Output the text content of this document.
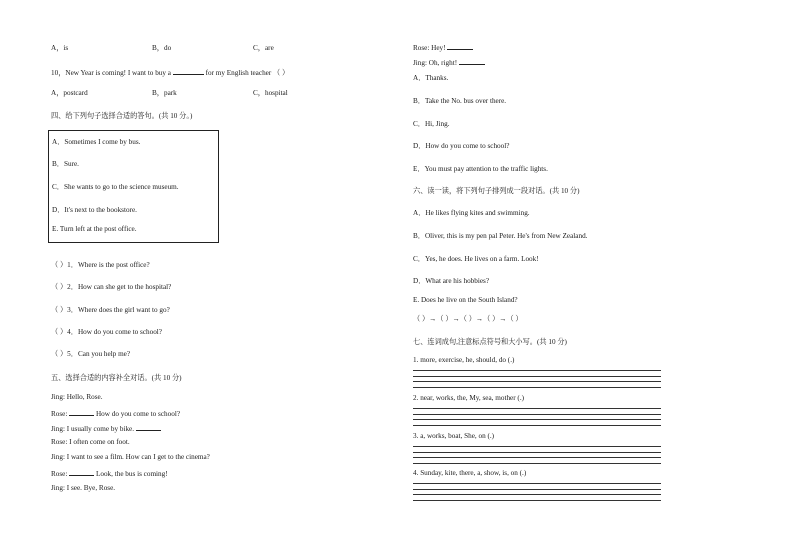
A，is	B，do	C，are
10，New Year is coming! I want to buy a	for my English teacher （ ）
A，postcard	B，park	C，hospital
四、给下列句子选择合适的答句。(共 10 分。)
A．Sometimes I come by bus.
B．Sure.
C．She wants to go to the science museum.
D．It's next to the bookstore.
E. Turn left at the post office.
（ ）1．Where is the post office?
（ ）2．How can she get to the hospital?
（ ）3．Where does the girl want to go?
（ ）4．How do you come to school?
（ ）5．Can you help me?
五、选择合适的内容补全对话。(共 10 分)
Jing: Hello, Rose.
Rose:	How do you come to school?
Jing: I usually come by bike.
Rose: I often come on foot.
Jing: I want to see a film. How can I get to the cinema?
Rose:	Look, the bus is coming!
Jing: I see. Bye, Rose.
Rose: Hey!
Jing: Oh, right!
A．Thanks.
B．Take the No. bus over there.
C．Hi, Jing.
D．How do you come to school?
E．You must pay attention to the traffic lights.
六、读一读，将下列句子排列成一段对话。(共 10 分)
A．He likes flying kites and swimming.
B．Oliver, this is my pen pal Peter. He's from New Zealand.
C．Yes, he does. He lives on a farm. Look!
D．What are his hobbies?
E. Does he live on the South Island?
（ ）→（ ）→（ ）→（ ）→（ ）
七、连词成句,注意标点符号和大小写。(共 10 分)
1. more, exercise, he, should, do (.)
2. near, works, the, My, sea, mother (.)
3. a, works, boat, She, on (.)
4. Sunday, kite, there, a, show, is, on (.)
